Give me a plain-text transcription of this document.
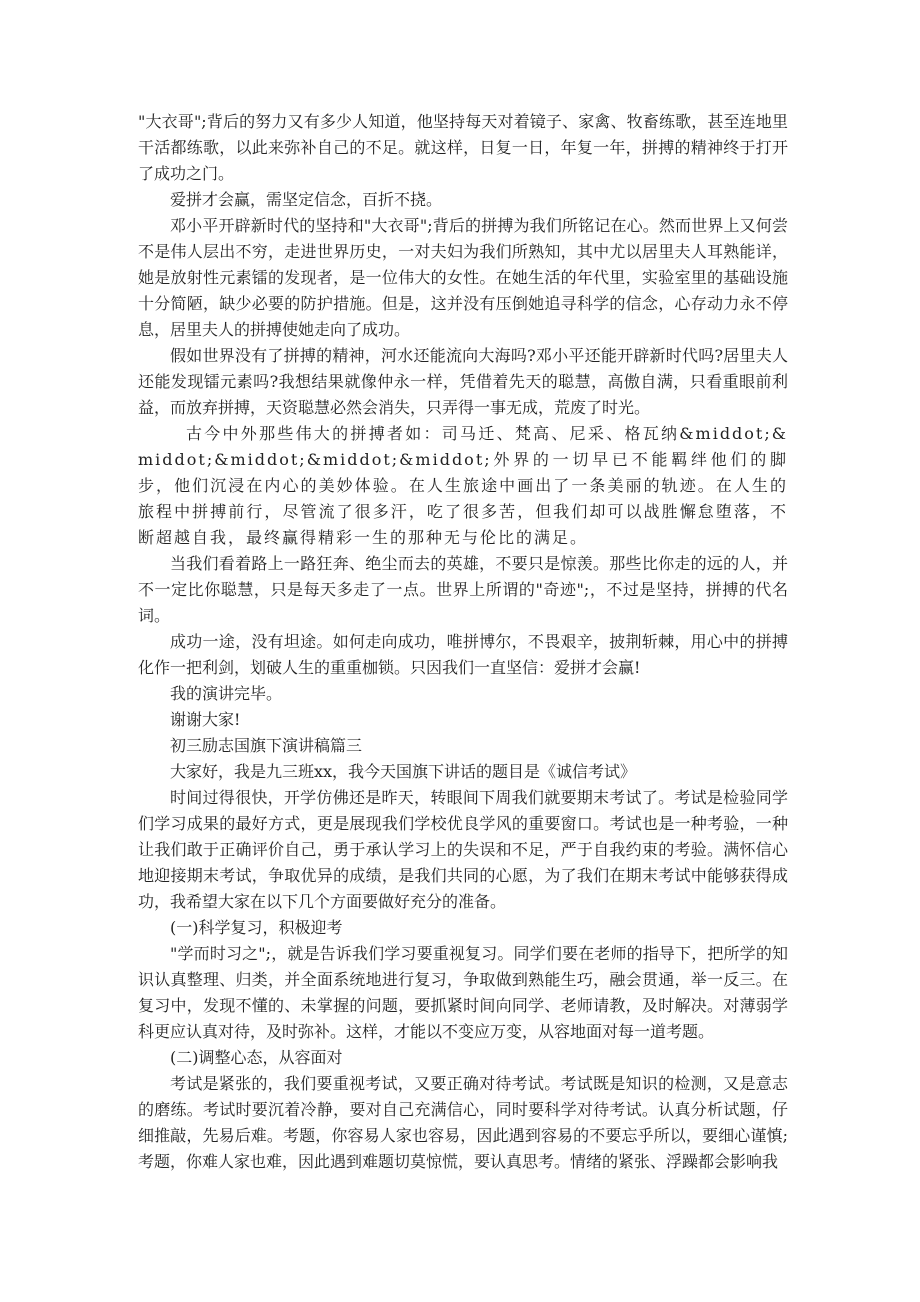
"大衣哥";背后的努力又有多少人知道，他坚持每天对着镜子、家禽、牧畜练歌，甚至连地里干活都练歌，以此来弥补自己的不足。就这样，日复一日，年复一年，拼搏的精神终于打开了成功之门。

爱拼才会赢，需坚定信念，百折不挠。

邓小平开辟新时代的坚持和"大衣哥";背后的拼搏为我们所铭记在心。然而世界上又何尝不是伟人层出不穷，走进世界历史，一对夫妇为我们所熟知，其中尤以居里夫人耳熟能详，她是放射性元素镭的发现者，是一位伟大的女性。在她生活的年代里，实验室里的基础设施十分简陋，缺少必要的防护措施。但是，这并没有压倒她追寻科学的信念，心存动力永不停息，居里夫人的拼搏使她走向了成功。

假如世界没有了拼搏的精神，河水还能流向大海吗?邓小平还能开辟新时代吗?居里夫人还能发现镭元素吗?我想结果就像仲永一样，凭借着先天的聪慧，高傲自满，只看重眼前利益，而放弃拼搏，天资聪慧必然会消失，只弄得一事无成，荒废了时光。

古今中外那些伟大的拼搏者如：司马迁、梵高、尼采、格瓦纳&middot;&middot;&middot;&middot;&middot;外界的一切早已不能羁绊他们的脚步，他们沉浸在内心的美妙体验。在人生旅途中画出了一条美丽的轨迹。在人生的旅程中拼搏前行，尽管流了很多汗，吃了很多苦，但我们却可以战胜懈怠堕落，不断超越自我，最终赢得精彩一生的那种无与伦比的满足。

当我们看着路上一路狂奔、绝尘而去的英雄，不要只是惊羡。那些比你走的远的人，并不一定比你聪慧，只是每天多走了一点。世界上所谓的"奇迹";，不过是坚持，拼搏的代名词。

成功一途，没有坦途。如何走向成功，唯拼博尔，不畏艰辛，披荆斩棘，用心中的拼搏化作一把利剑，划破人生的重重枷锁。只因我们一直坚信：爱拼才会赢!

我的演讲完毕。

谢谢大家!

初三励志国旗下演讲稿篇三

大家好，我是九三班xx，我今天国旗下讲话的题目是《诚信考试》

时间过得很快，开学仿佛还是昨天，转眼间下周我们就要期末考试了。考试是检验同学们学习成果的最好方式，更是展现我们学校优良学风的重要窗口。考试也是一种考验，一种让我们敢于正确评价自己，勇于承认学习上的失误和不足，严于自我约束的考验。满怀信心地迎接期末考试，争取优异的成绩，是我们共同的心愿，为了我们在期末考试中能够获得成功，我希望大家在以下几个方面要做好充分的准备。

(一)科学复习，积极迎考

"学而时习之";，就是告诉我们学习要重视复习。同学们要在老师的指导下，把所学的知识认真整理、归类，并全面系统地进行复习，争取做到熟能生巧，融会贯通，举一反三。在复习中，发现不懂的、未掌握的问题，要抓紧时间向同学、老师请教，及时解决。对薄弱学科更应认真对待，及时弥补。这样，才能以不变应万变，从容地面对每一道考题。

(二)调整心态，从容面对

考试是紧张的，我们要重视考试，又要正确对待考试。考试既是知识的检测，又是意志的磨练。考试时要沉着冷静，要对自己充满信心，同时要科学对待考试。认真分析试题，仔细推敲，先易后难。考题，你容易人家也容易，因此遇到容易的不要忘乎所以，要细心谨慎;考题，你难人家也难，因此遇到难题切莫惊慌，要认真思考。情绪的紧张、浮躁都会影响我
